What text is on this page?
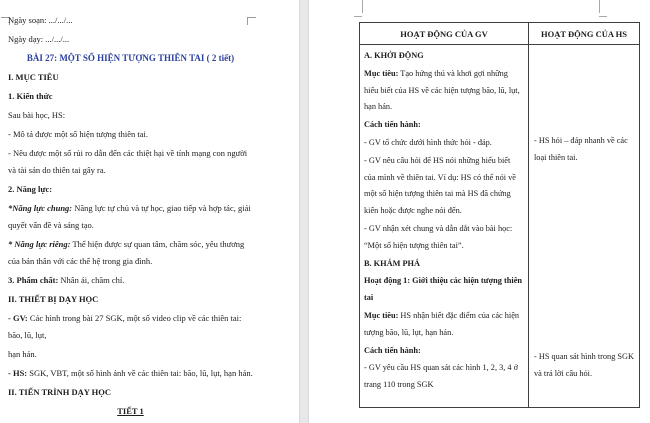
Ngày soạn: .../.../...
Ngày dạy: .../.../...
BÀI 27: MỘT SỐ HIỆN TƯỢNG THIÊN TAI ( 2 tiết)
I. MỤC TIÊU
1. Kiến thức
Sau bài học, HS:
- Mô tả được một số hiện tượng thiên tai.
- Nêu được một số rủi ro dẫn đến các thiệt hại về tính mạng con người và tài sản do thiên tai gây ra.
2. Năng lực:
*Năng lực chung: Năng lực tự chủ và tự học, giao tiếp và hợp tác, giải quyết vấn đề và sáng tạo.
* Năng lực riêng: Thể hiện được sự quan tâm, chăm sóc, yêu thương của bản thân với các thế hệ trong gia đình.
3. Phẩm chất: Nhân ái, chăm chỉ.
II. THIẾT BỊ DẠY HỌC
- GV: Các hình trong bài 27 SGK, một số video clip về các thiên tai: bão, lũ, lụt,
hạn hán.
- HS: SGK, VBT, một số hình ảnh về các thiên tai: bão, lũ, lụt, hạn hán.
II. TIẾN TRÌNH DẠY HỌC
TIẾT 1
HOẠT ĐỘNG CỦA GV	HOẠT ĐỘNG CỦA HS
A. KHỞI ĐỘNG
Mục tiêu: Tạo hứng thú và khơi gợi những hiểu biết của HS về các hiện tượng bão, lũ, lụt, hạn hán.
Cách tiến hành:
- GV tổ chức dưới hình thức hỏi - đáp.
- GV nêu câu hỏi để HS nói những hiểu biết của mình về thiên tai. Ví dụ: HS có thể nói về một số hiện tượng thiên tai mà HS đã chứng kiến hoặc được nghe nói đến.
- GV nhận xét chung và dẫn dắt vào bài học: “Một số hiện tượng thiên tai”.
B. KHÁM PHÁ
Hoạt động 1: Giới thiệu các hiện tượng thiên tai
Mục tiêu: HS nhận biết đặc điểm của các hiện tượng bão, lũ, lụt, hạn hán.
Cách tiến hành:
- GV yêu cầu HS quan sát các hình 1, 2, 3, 4 ở trang 110 trong SGK
- HS hỏi – đáp nhanh về các loại thiên tai.
- HS quan sát hình trong SGK và trả lời câu hỏi.
